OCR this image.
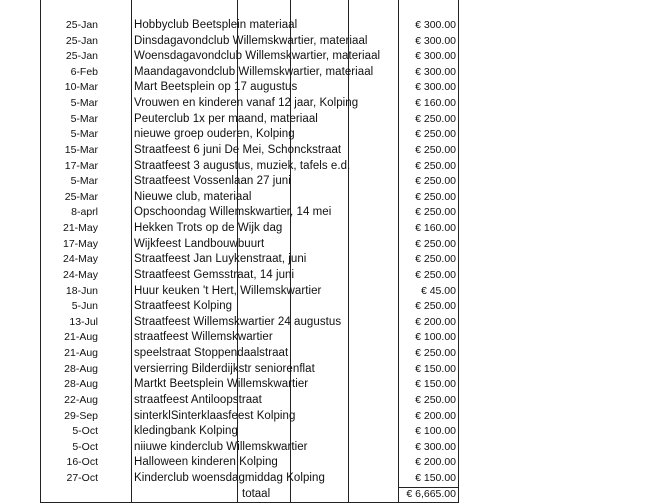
25-Jan	Hobbyclub Beetsplein materiaal	€ 300.00
25-Jan	Dinsdagavondclub Willemskwartier, materiaal	€ 300.00
25-Jan	Woensdagavondclub Willemskwartier, materiaal	€ 300.00
6-Feb	Maandagavondclub Willemskwartier, materiaal	€ 300.00
10-Mar	Mart Beetsplein op 17 augustus	€ 300.00
5-Mar	Vrouwen en kinderen vanaf 12 jaar, Kolping	€ 160.00
5-Mar	Peuterclub 1x per maand, materiaal	€ 250.00
5-Mar	nieuwe groep ouderen, Kolping	€ 250.00
15-Mar	Straatfeest 6 juni De Mei, Schonckstraat	€ 250.00
17-Mar	Straatfeest 3 augustus, muziek, tafels e.d.	€ 250.00
5-Mar	Straatfeest Vossenlaan 27 juni	€ 250.00
25-Mar	Nieuwe club, materiaal	€ 250.00
8-aprl	Opschoondag Willemskwartier, 14 mei	€ 250.00
21-May	Hekken Trots op de Wijk dag	€ 160.00
17-May	Wijkfeest Landbouwbuurt	€ 250.00
24-May	Straatfeest Jan Luykenstraat, juni	€ 250.00
24-May	Straatfeest Gemsstraat, 14 juni	€ 250.00
18-Jun	Huur keuken 't Hert, Willemskwartier	€ 45.00
5-Jun	Straatfeest Kolping	€ 250.00
13-Jul	Straatfeest Willemskwartier 24 augustus	€ 200.00
21-Aug	straatfeest Willemskwartier	€ 100.00
21-Aug	speelstraat Stoppendaalstraat	€ 250.00
28-Aug	versierring Bilderdijkstr seniorenflat	€ 150.00
28-Aug	Martkt Beetsplein Willemskwartier	€ 150.00
22-Aug	straatfeest Antiloopstraat	€ 250.00
29-Sep	sinterklSinterklaasfeest Kolping	€ 200.00
5-Oct	kledingbank Kolping	€ 100.00
5-Oct	niiuwe kinderclub Willemskwartier	€ 300.00
16-Oct	Halloween kinderen Kolping	€ 200.00
27-Oct	Kinderclub woensdagmiddag Kolping	€ 150.00
totaal	€ 6,665.00
